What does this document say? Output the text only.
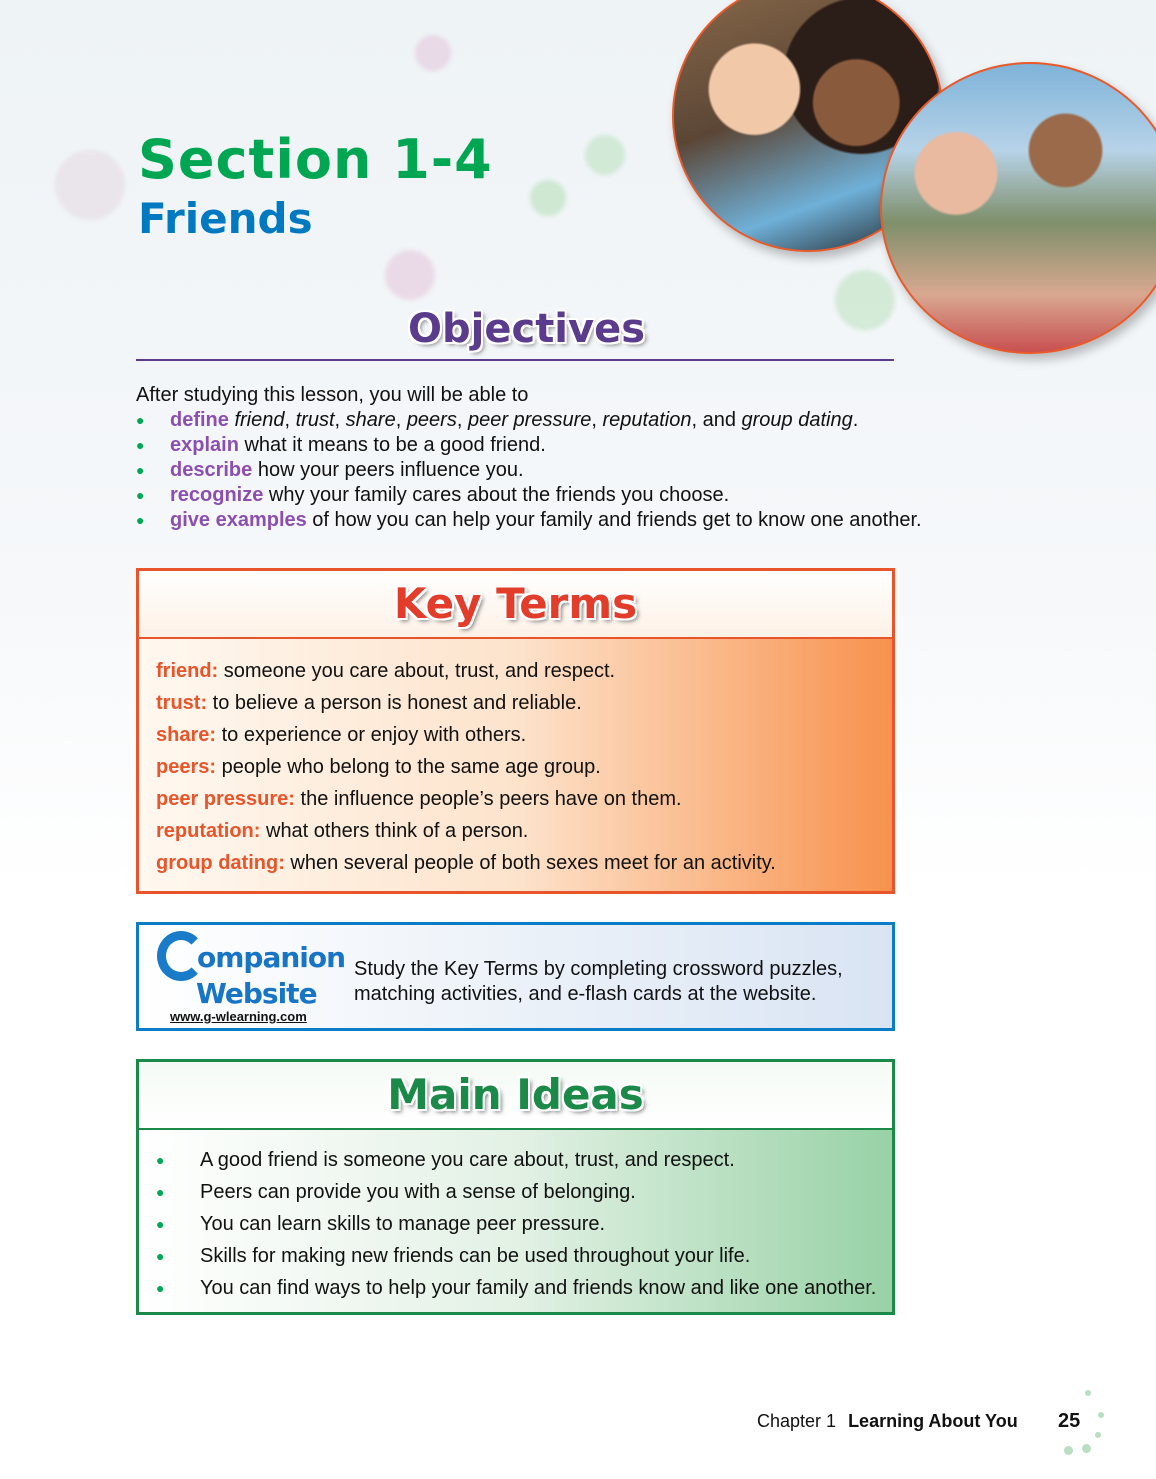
Section 1-4
Friends
Objectives
After studying this lesson, you will be able to
● define friend, trust, share, peers, peer pressure, reputation, and group dating.
● explain what it means to be a good friend.
● describe how your peers influence you.
● recognize why your family cares about the friends you choose.
● give examples of how you can help your family and friends get to know one another.
Key Terms
friend: someone you care about, trust, and respect.
trust: to believe a person is honest and reliable.
share: to experience or enjoy with others.
peers: people who belong to the same age group.
peer pressure: the influence people’s peers have on them.
reputation: what others think of a person.
group dating: when several people of both sexes meet for an activity.
ompanion
Website
www.g-wlearning.com
Study the Key Terms by completing crossword puzzles,
matching activities, and e-flash cards at the website.
Main Ideas
● A good friend is someone you care about, trust, and respect.
● Peers can provide you with a sense of belonging.
● You can learn skills to manage peer pressure.
● Skills for making new friends can be used throughout your life.
● You can find ways to help your family and friends know and like one another.
Chapter 1 Learning About You 25
